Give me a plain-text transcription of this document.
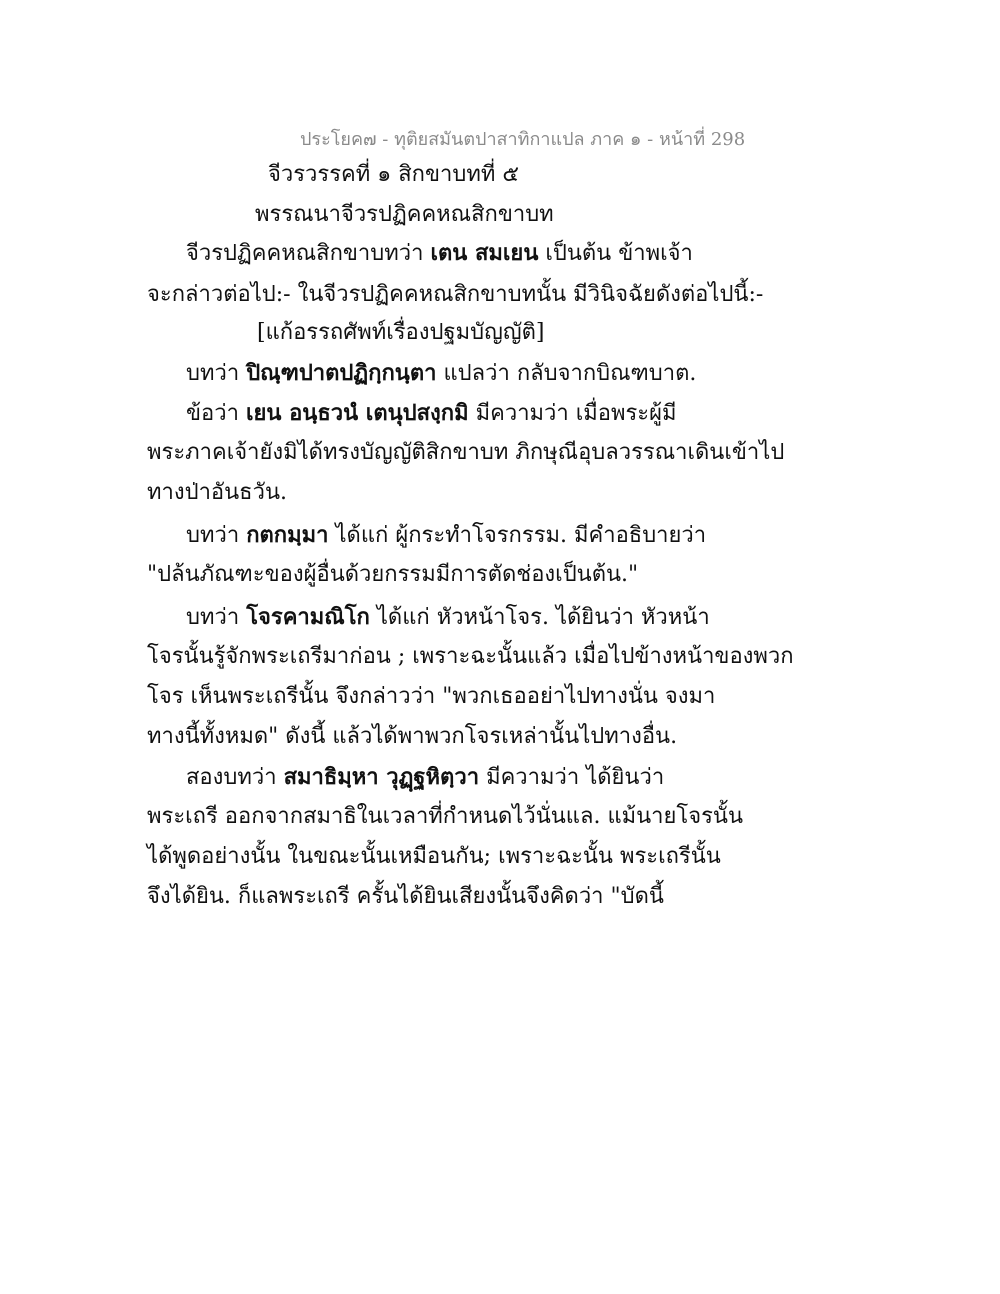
ประโยค๗ - ทุติยสมันตปาสาทิกาแปล ภาค ๑ - หน้าที่ 298
จีวรวรรคที่ ๑ สิกขาบทที่ ๕
พรรณนาจีวรปฏิคคหณสิกขาบท
จีวรปฏิคคหณสิกขาบทว่า เตน สมเยน เป็นต้น ข้าพเจ้า
จะกล่าวต่อไป:- ในจีวรปฏิคคหณสิกขาบทนั้น มีวินิจฉัยดังต่อไปนี้:-
[แก้อรรถศัพท์เรื่องปฐมบัญญัติ]
บทว่า ปิณฺฑปาตปฏิกฺกนฺตา แปลว่า กลับจากบิณฑบาต.
ข้อว่า เยน อนฺธวนํ เตนุปสงฺกมิ มีความว่า เมื่อพระผู้มี
พระภาคเจ้ายังมิได้ทรงบัญญัติสิกขาบท ภิกษุณีอุบลวรรณาเดินเข้าไป
ทางป่าอันธวัน.
บทว่า กตกมฺมา ได้แก่ ผู้กระทำโจรกรรม. มีคำอธิบายว่า
"ปล้นภัณฑะของผู้อื่นด้วยกรรมมีการตัดช่องเป็นต้น."
บทว่า โจรคามณิโก ได้แก่ หัวหน้าโจร. ได้ยินว่า หัวหน้า
โจรนั้นรู้จักพระเถรีมาก่อน ; เพราะฉะนั้นแล้ว เมื่อไปข้างหน้าของพวก
โจร เห็นพระเถรีนั้น จึงกล่าวว่า "พวกเธออย่าไปทางนั่น จงมา
ทางนี้ทั้งหมด" ดังนี้ แล้วได้พาพวกโจรเหล่านั้นไปทางอื่น.
สองบทว่า สมาธิมฺหา วุฏฺฐหิตฺวา มีความว่า ได้ยินว่า
พระเถรี ออกจากสมาธิในเวลาที่กำหนดไว้นั่นแล. แม้นายโจรนั้น
ได้พูดอย่างนั้น ในขณะนั้นเหมือนกัน; เพราะฉะนั้น พระเถรีนั้น
จึงได้ยิน. ก็แลพระเถรี ครั้นได้ยินเสียงนั้นจึงคิดว่า "บัดนี้
